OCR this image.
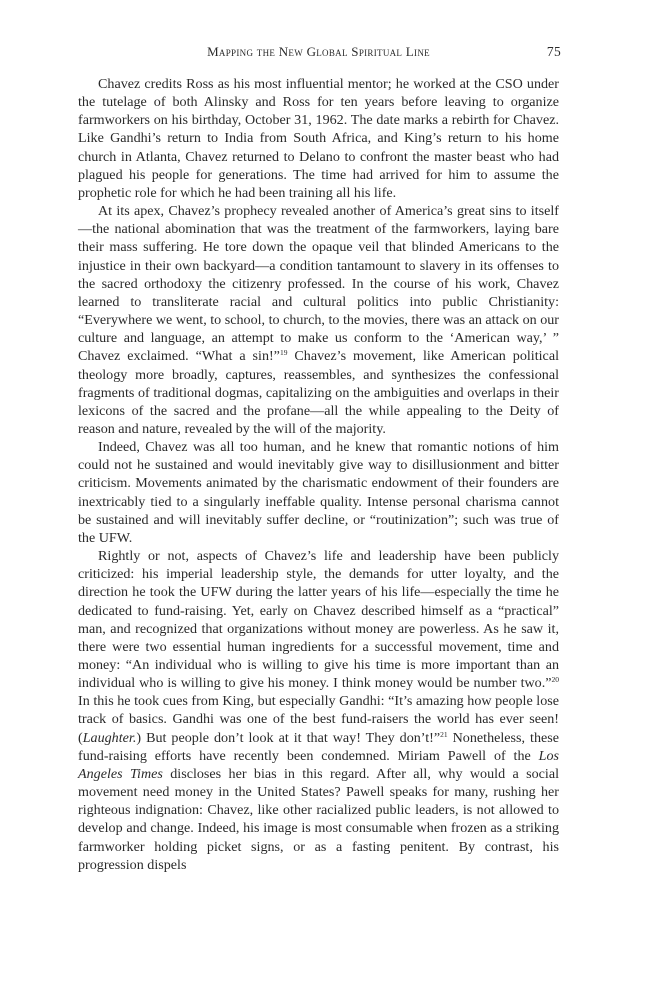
Mapping the New Global Spiritual Line	75

Chavez credits Ross as his most influential mentor; he worked at the CSO under the tutelage of both Alinsky and Ross for ten years before leaving to organize farmworkers on his birthday, October 31, 1962. The date marks a rebirth for Chavez. Like Gandhi’s return to India from South Africa, and King’s return to his home church in Atlanta, Chavez returned to Delano to confront the master beast who had plagued his people for generations. The time had arrived for him to assume the prophetic role for which he had been training all his life.

At its apex, Chavez’s prophecy revealed another of America’s great sins to itself—the national abomination that was the treatment of the farmworkers, laying bare their mass suffering. He tore down the opaque veil that blinded Americans to the injustice in their own backyard—a condition tantamount to slavery in its offenses to the sacred orthodoxy the citizenry professed. In the course of his work, Chavez learned to transliterate racial and cultural politics into public Christianity: “Everywhere we went, to school, to church, to the movies, there was an attack on our culture and language, an attempt to make us conform to the ‘American way,’ ” Chavez exclaimed. “What a sin!”$^{19}$ Chavez’s movement, like American political theology more broadly, captures, reassembles, and synthesizes the confessional fragments of traditional dogmas, capitalizing on the ambiguities and overlaps in their lexicons of the sacred and the profane—all the while appealing to the Deity of reason and nature, revealed by the will of the majority.

Indeed, Chavez was all too human, and he knew that romantic notions of him could not he sustained and would inevitably give way to disillusionment and bitter criticism. Movements animated by the charismatic endowment of their founders are inextricably tied to a singularly ineffable quality. Intense personal charisma cannot be sustained and will inevitably suffer decline, or “routinization”; such was true of the UFW.

Rightly or not, aspects of Chavez’s life and leadership have been publicly criticized: his imperial leadership style, the demands for utter loyalty, and the direction he took the UFW during the latter years of his life—especially the time he dedicated to fund-raising. Yet, early on Chavez described himself as a “practical” man, and recognized that organizations without money are powerless. As he saw it, there were two essential human ingredients for a successful movement, time and money: “An individual who is willing to give his time is more important than an individual who is willing to give his money. I think money would be number two.”$^{20}$ In this he took cues from King, but especially Gandhi: “It’s amazing how people lose track of basics. Gandhi was one of the best fund-raisers the world has ever seen! (Laughter.) But people don’t look at it that way! They don’t!”$^{21}$ Nonetheless, these fund-raising efforts have recently been condemned. Miriam Pawell of the Los Angeles Times discloses her bias in this regard. After all, why would a social movement need money in the United States? Pawell speaks for many, rushing her righteous indignation: Chavez, like other racialized public leaders, is not allowed to develop and change. Indeed, his image is most consumable when frozen as a striking farmworker holding picket signs, or as a fasting penitent. By contrast, his progression dispels
